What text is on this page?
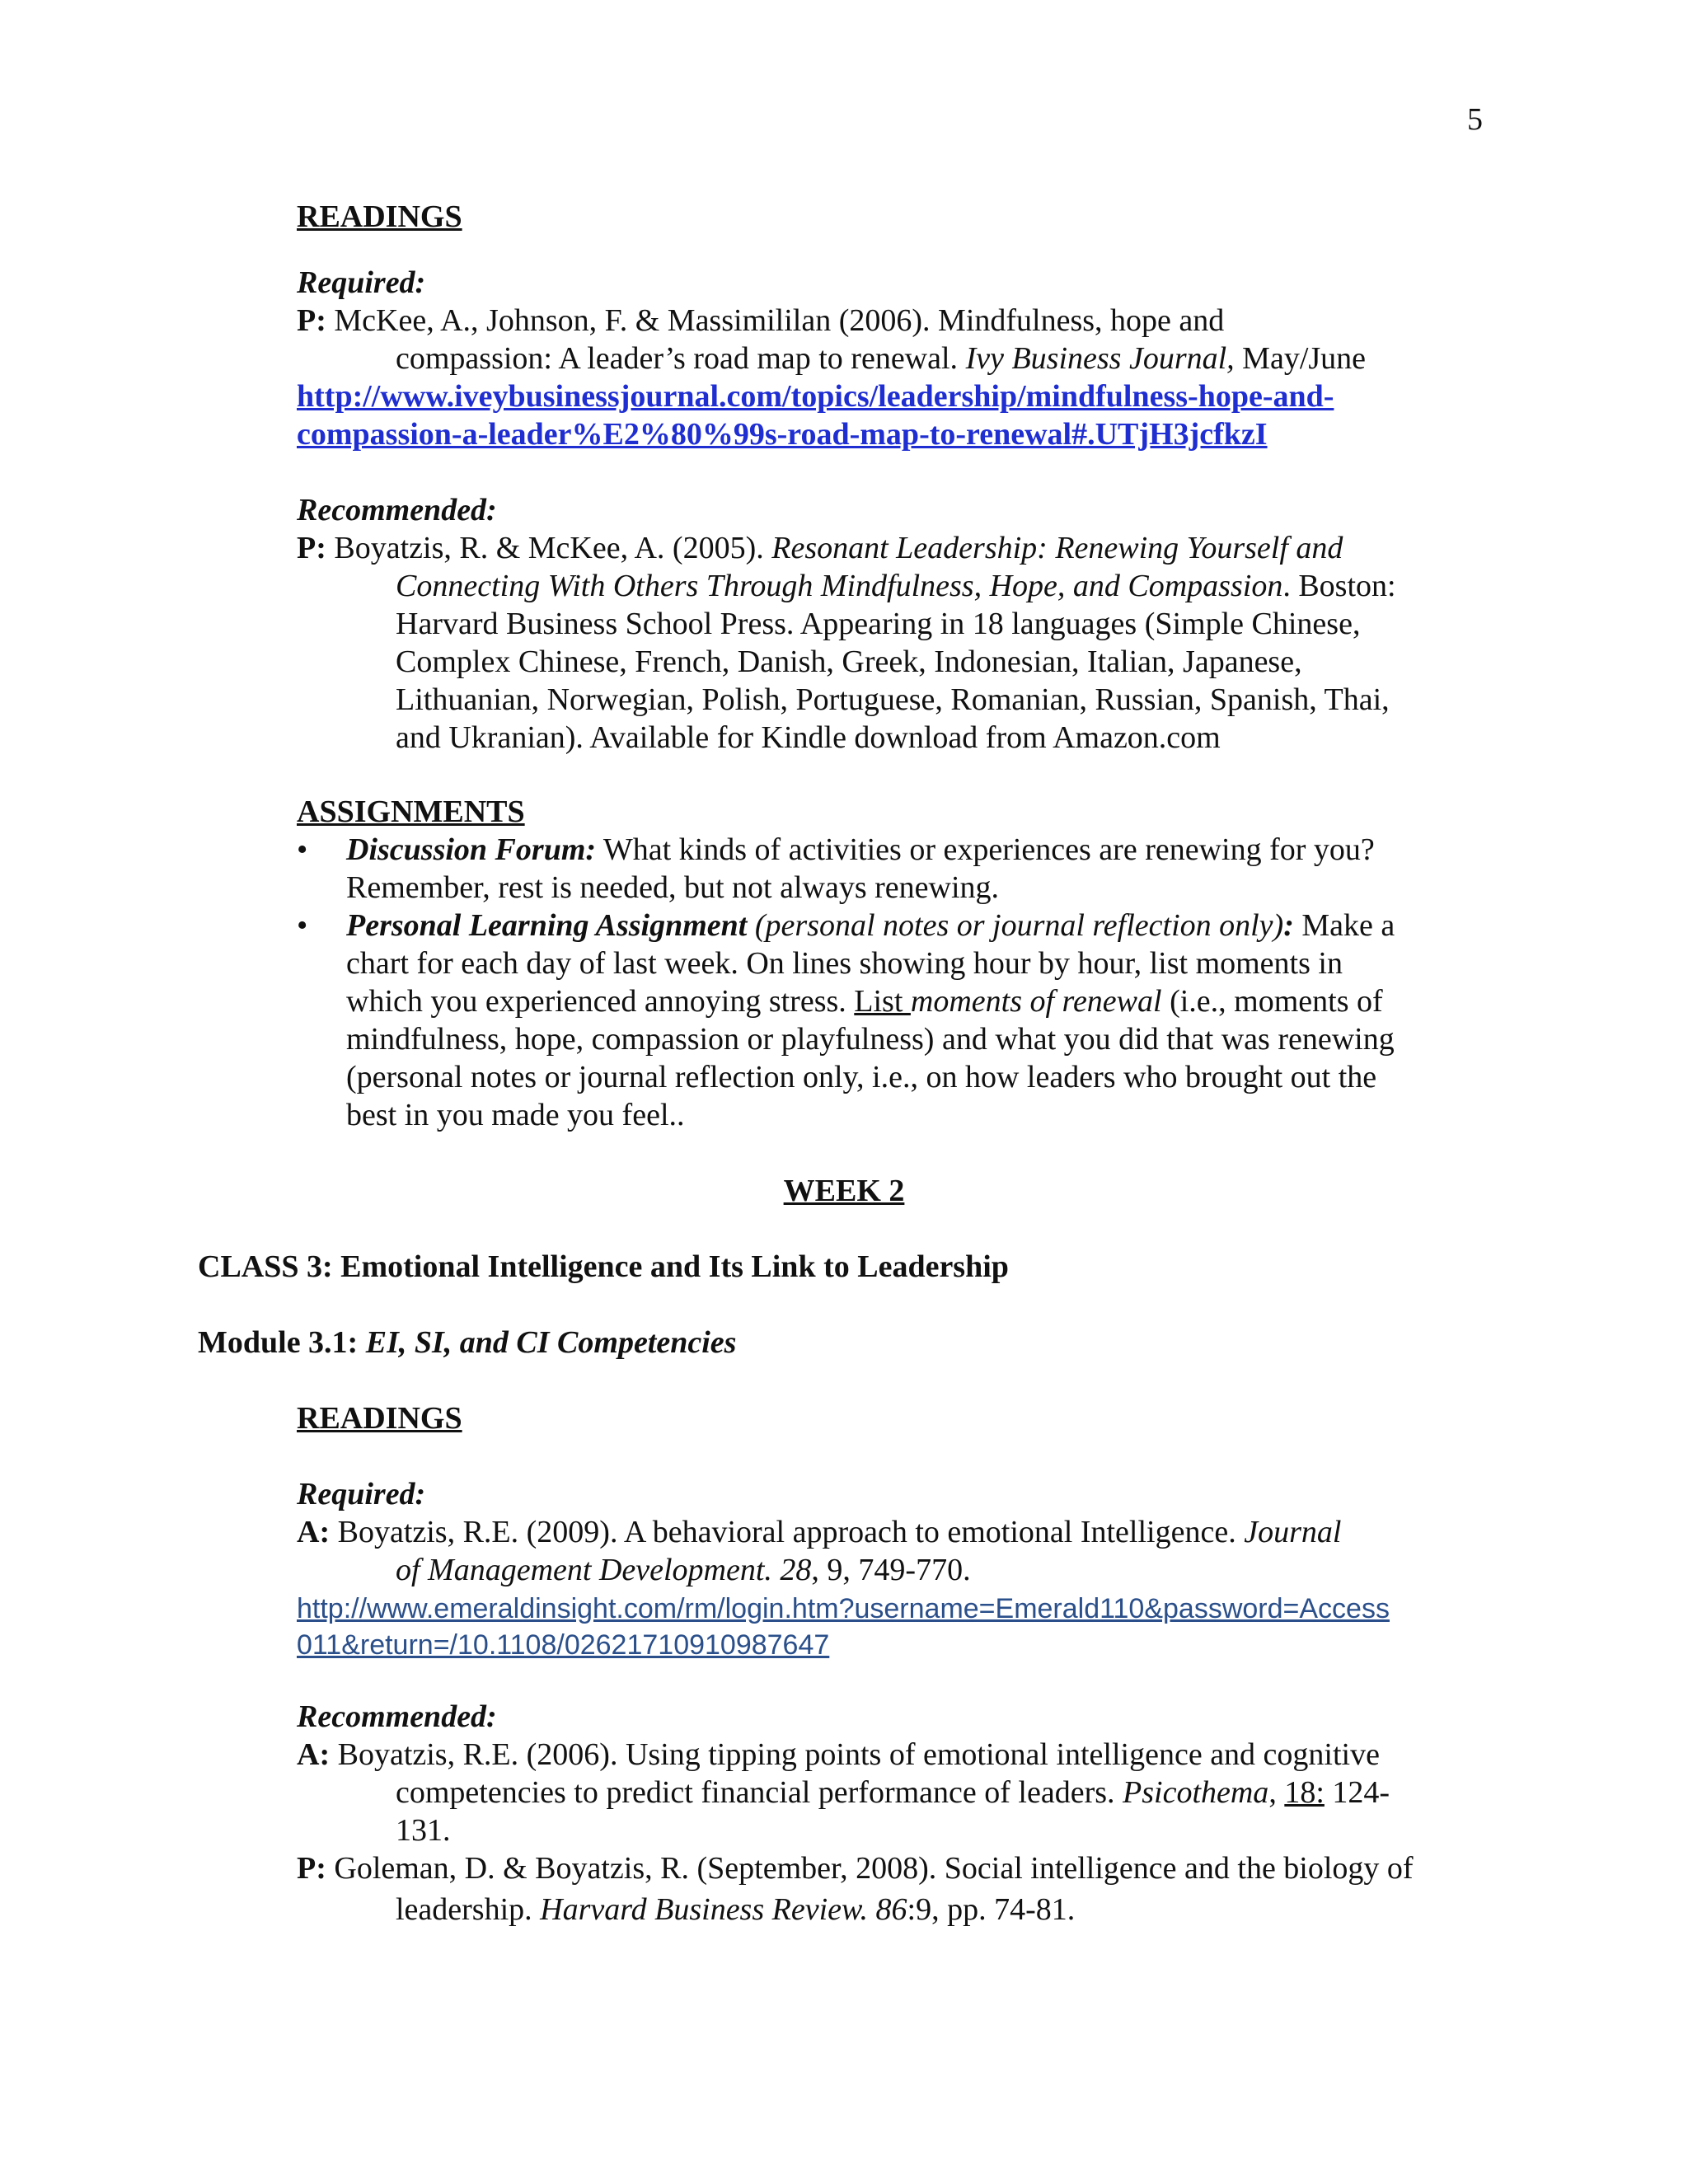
5
READINGS
Required:
P: McKee, A., Johnson, F. & Massimililan (2006). Mindfulness, hope and
compassion: A leader’s road map to renewal. Ivy Business Journal, May/June
http://www.iveybusinessjournal.com/topics/leadership/mindfulness-hope-and-
compassion-a-leader%E2%80%99s-road-map-to-renewal#.UTjH3jcfkzI
Recommended:
P: Boyatzis, R. & McKee, A. (2005). Resonant Leadership: Renewing Yourself and
Connecting With Others Through Mindfulness, Hope, and Compassion. Boston:
Harvard Business School Press. Appearing in 18 languages (Simple Chinese,
Complex Chinese, French, Danish, Greek, Indonesian, Italian, Japanese,
Lithuanian, Norwegian, Polish, Portuguese, Romanian, Russian, Spanish, Thai,
and Ukranian). Available for Kindle download from Amazon.com
ASSIGNMENTS
• Discussion Forum: What kinds of activities or experiences are renewing for you?
Remember, rest is needed, but not always renewing.
• Personal Learning Assignment (personal notes or journal reflection only): Make a
chart for each day of last week. On lines showing hour by hour, list moments in
which you experienced annoying stress. List moments of renewal (i.e., moments of
mindfulness, hope, compassion or playfulness) and what you did that was renewing
(personal notes or journal reflection only, i.e., on how leaders who brought out the
best in you made you feel..
WEEK 2
CLASS 3: Emotional Intelligence and Its Link to Leadership
Module 3.1: EI, SI, and CI Competencies
READINGS
Required:
A: Boyatzis, R.E. (2009). A behavioral approach to emotional Intelligence. Journal
of Management Development. 28, 9, 749-770.
http://www.emeraldinsight.com/rm/login.htm?username=Emerald110&password=Access
011&return=/10.1108/02621710910987647
Recommended:
A: Boyatzis, R.E. (2006). Using tipping points of emotional intelligence and cognitive
competencies to predict financial performance of leaders. Psicothema, 18: 124-
131.
P: Goleman, D. & Boyatzis, R. (September, 2008). Social intelligence and the biology of
leadership. Harvard Business Review. 86:9, pp. 74-81.
